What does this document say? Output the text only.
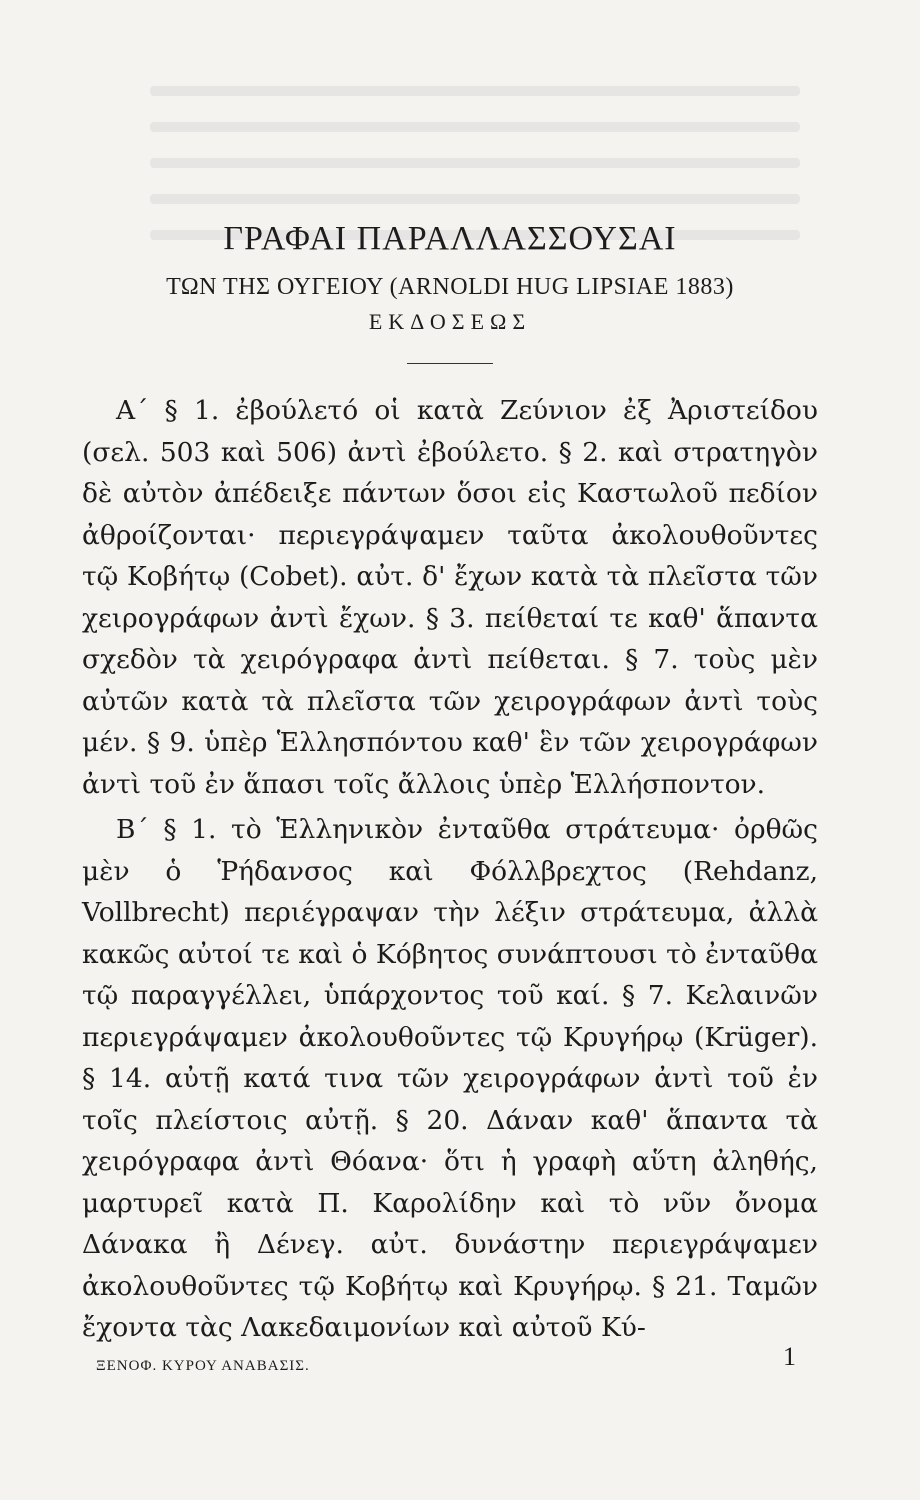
ΓΡΑΦΑΙ ΠΑΡΑΛΛΑΣΣΟΥΣΑΙ
ΤΩΝ ΤΗΣ ΟΥΓΕΙΟΥ (ARNOLDI HUG LIPSIAE 1883)
ΕΚΔΟΣΕΩΣ

Α΄ § 1. ἐβούλετό οἱ κατὰ Ζεύνιον ἐξ Ἀριστείδου (σελ. 503 καὶ 506) ἀντὶ ἐβούλετο. § 2. καὶ στρατηγὸν δὲ αὐτὸν ἀπέδειξε πάντων ὅσοι εἰς Καστωλοῦ πεδίον ἀθροίζονται· περιεγράψαμεν ταῦτα ἀκολουθοῦντες τῷ Κοβήτῳ (Cobet). αὐτ. δ' ἔχων κατὰ τὰ πλεῖστα τῶν χειρογράφων ἀντὶ ἔχων. § 3. πείθεταί τε καθ' ἅπαντα σχεδὸν τὰ χειρόγραφα ἀντὶ πείθεται. § 7. τοὺς μὲν αὐτῶν κατὰ τὰ πλεῖστα τῶν χειρογράφων ἀντὶ τοὺς μέν. § 9. ὑπὲρ Ἑλλησπόντου καθ' ἓν τῶν χειρογράφων ἀντὶ τοῦ ἐν ἅπασι τοῖς ἄλλοις ὑπὲρ Ἑλλήσποντον.

Β΄ § 1. τὸ Ἑλληνικὸν ἐνταῦθα στράτευμα· ὀρθῶς μὲν ὁ Ῥήδανσος καὶ Φόλλβρεχτος (Rehdanz, Vollbrecht) περιέγραψαν τὴν λέξιν στράτευμα, ἀλλὰ κακῶς αὐτοί τε καὶ ὁ Κόβητος συνάπτουσι τὸ ἐνταῦθα τῷ παραγγέλλει, ὑπάρχοντος τοῦ καί. § 7. Κελαινῶν περιεγράψαμεν ἀκολουθοῦντες τῷ Κρυγήρῳ (Krüger). § 14. αὐτῇ κατά τινα τῶν χειρογράφων ἀντὶ τοῦ ἐν τοῖς πλείστοις αὐτῇ. § 20. Δάναν καθ' ἅπαντα τὰ χειρόγραφα ἀντὶ Θόανα· ὅτι ἡ γραφὴ αὕτη ἀληθής, μαρτυρεῖ κατὰ Π. Καρολίδην καὶ τὸ νῦν ὄνομα Δάνακα ἢ Δένεγ. αὐτ. δυνάστην περιεγράψαμεν ἀκολουθοῦντες τῷ Κοβήτῳ καὶ Κρυγήρῳ. § 21. Ταμῶν ἔχοντα τὰς Λακεδαιμονίων καὶ αὐτοῦ Κύ-

ΞΕΝΟΦ. ΚΥΡΟΥ ΑΝΑΒΑΣΙΣ.	1
